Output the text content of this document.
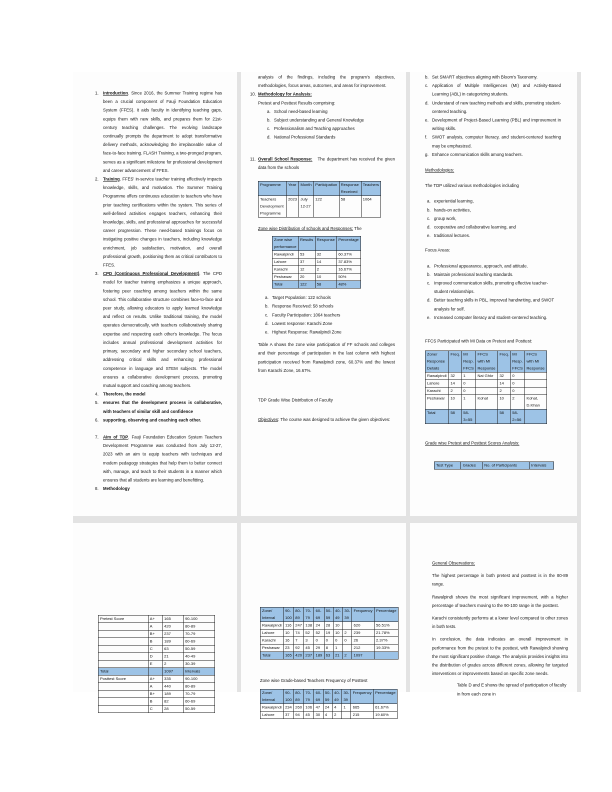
1. Introduction. Since 2016, the Summer Training regime has been a crucial component of Fauji Foundation Education System (FFES). It aids faculty in identifying teaching gaps, equips them with new skills, and prepares them for 21st-century teaching challenges. The evolving landscape continually prompts the department to adopt transformative delivery methods, acknowledging the irreplaceable value of face-to-face training. FLASH Training, a two-pronged program, serves as a significant milestone for professional development and career advancement of FFES.

2. Training. FFES' in-service teacher training effectively impacts knowledge, skills, and motivation. The Summer Training Programme offers continuous education to teachers who have prior teaching certifications within the system. This series of well-defined activities engages teachers, enhancing their knowledge, skills, and professional approaches for successful career progression. These need-based trainings focus on instigating positive changes in teachers, including knowledge enrichment, job satisfaction, motivation, and overall professional growth, positioning them as critical contributors to FFES.

3. CPD (Continuous Professional Development). The CPD model for teacher training emphasizes a unique approach, fostering peer coaching among teachers within the same school. This collaborative structure combines face-to-face and peer study, allowing educators to apply learned knowledge and reflect on results. Unlike traditional training, the model operates democratically, with teachers collaboratively sharing expertise and respecting each other's knowledge. The focus includes annual professional development activities for primary, secondary and higher secondary school teachers, addressing critical skills and enhancing professional competence in language and STEM subjects. The model ensures a collaborative development process, promoting mutual support and coaching among teachers.

4. Therefore, the model

5. ensures that the development process is collaborative, with teachers of similar skill and confidence

6. supporting, observing and coaching each other.

7. Aim of TDP. Fauji Foundation Education System Teachers Development Programme was conducted from July 12-27, 2023 with an aim to equip teachers with techniques and modern pedagogy strategies that help them to better connect with, manage, and teach to their students in a manner which ensures that all students are learning and benefitting.

8. Methodology

analysis of the findings, including the program's objectives, methodologies, focus areas, outcomes, and areas for improvement.

10. Methodology for Analysis:

Pretest and Posttest Results comprising:

a. School need-based learning
b. Subject understanding and General Knowledge
c. Professionalism and Teaching approaches
d. National Professional Standards
11. Overall School Response: The department has received the given data from the schools

Programme	Year	Month	Participation	Response Received	Teachers
Teachers Development Programme	2023	July 12-27	122	58	1064

Zone wise Distribution of schools and Responses: The

Zone wise performance	Results	Response	Percentage
Rawalpindi	53	32	60.37%
Lahore	37	14	37.83%
Karachi	12	2	16.67%
Peshawar	20	10	50%
Total	122	58	48%
a. Target Population: 122 schools
b. Response Received: 58 schools
c. Faculty Participation: 1064 teachers
d. Lowest response: Karachi Zone
e. Highest Response: Rawalpindi Zone

Table A shows the zone wise participation of FF schools and colleges and their percentage of participation in the last column with highest participation received from Rawalpindi zone, 60.37% and the lowest from Karachi Zone, 16.67%.

TDP Grade Wise Distribution of Faculty

Objectives: The course was designed to achieve the given objectives:

b. Set SMART objectives aligning with Bloom's Taxonomy.
c. Application of Multiple Intelligences (MI) and Activity-Based Learning (ABL) in categorizing students.
d. Understand of new teaching methods and skills, promoting student-centered teaching.
e. Development of Project-Based Learning (PBL) and improvement in writing skills.
f. SWOT analysis, computer literacy, and student-centered teaching may be emphasized.
g. Enhance communication skills among teachers.

Methodologies:

The TDP utilized various methodologies including

a. experiential learning,
b. hands-on activities,
c. group work,
d. cooperative and collaborative learning, and
e. traditional lectures.

Focus Areas:

a. Professional appearance, approach, and attitude.
b. Maintain professional teaching standards.
c. Improved communication skills, promoting effective teacher-student relationships.
d. Better teaching skills in PBL, improved handwriting, and SWOT analysis for self.
e. Increased computer literacy and student-centered teaching.

FFCS Participated with MI Data on Pretest and Posttest:

Zone/ Response Details	Freq.	MI Resp. FFCS	FFCS with MI Response	Freq.	MI Resp. FFCS	FFCS with MI Response
Rawalpindi	32	1	Nai Ghkr	32	0	
Lahore	14	0		14	0	
Karachi	2	0		2	0	
Peshawar	10	1	Kohat	10	2	Kohat, D.Khan
Total	58	58-3=55		58	58-2=56	

Grade wise Pretest and Posttest Scores Analysis:

Test Type	Grades	No. of Participants	Intervals
Pretest Score	A+	165	90-100
	A	420	80-89
	B+	237	70-79
	B	189	60-69
	C	63	50-59
	D	21	40-49
	E	2	30-39
Total		1097	Intervals
Posttest Score	A+	335	90-100
	A	440	80-89
	B+	189	70-79
	B	82	60-69
	C	28	50-59
Zone/ Interval	90-100	80-89	70-79	60-69	50-59	40-49	30-39	Frequency	Percentage
Rawalpindi	116	247	138	24	28	10		620	56.51%
Lahore	10	74	52	52	19	10	2	239	21.78%
Karachi	16	7	3	0	0	0	0	26	2.37%
Peshawar	23	92	45	29	8	1		212	19.33%
Total	165	420	237	189	63	21	2	1097	

Zone wise Grade-based Teachers Frequency of Posttest

Zone/ Interval	90-100	80-89	70-79	60-69	50-59	40-49	30-39	Frequency	Percentage
Rawalpindi	234	260	106	47	24	4	1	665	61.67%
Lahore	37	94	45	30	4	2		215	19.60%

General Observations:

The highest percentage in both pretest and posttest is in the 80-89 range.

Rawalpindi shows the most significant improvement, with a higher percentage of teachers moving to the 90-100 range in the posttest.

Karachi consistently performs at a lower level compared to other zones in both tests.

In conclusion, the data indicates an overall improvement in performance from the pretest to the posttest, with Rawalpindi showing the most significant positive change. The analysis provides insights into the distribution of grades across different zones, allowing for targeted interventions or improvements based on specific zone needs.

Table D and E shows the spread of participation of faculty in from each zone in
